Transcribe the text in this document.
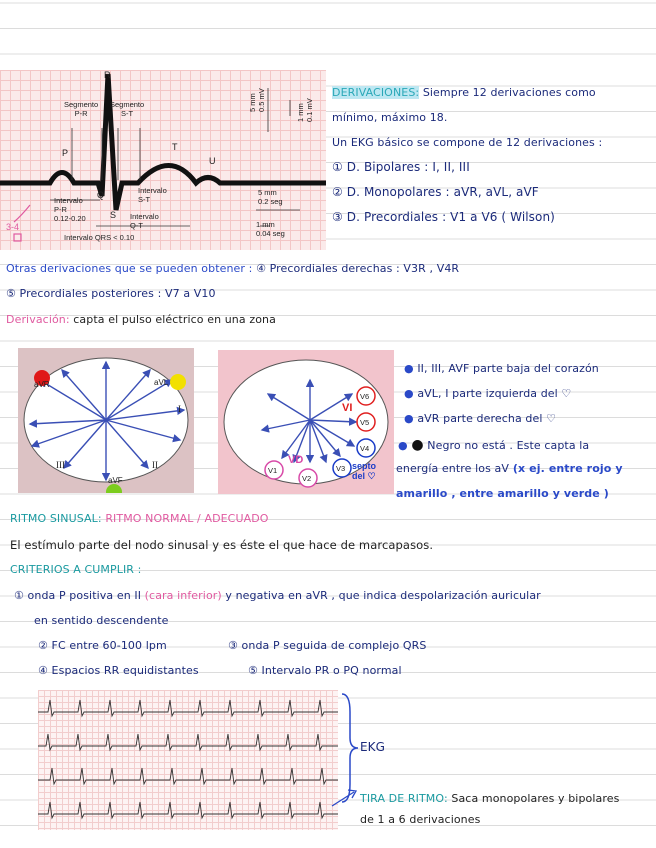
R
P
Q
S
T
U
Segmento
P-R
Segmento
S-T
Intervalo
P-R
0.12-0.20
Intervalo
S-T
Intervalo
Q-T
Intervalo QRS < 0.10
5 mm
0.5 mV
1 mm
0.1 mV
5 mm
0.2 seg
1 mm
0.04 seg
3-4
DERIVACIONES: Siempre 12 derivaciones como
mínimo, máximo 18.
Un EKG básico se compone de 12 derivaciones :
① D. Bipolares : I, II, III
② D. Monopolares : aVR, aVL, aVF
③ D. Precordiales : V1 a V6 ( Wilson)
Otras derivaciones que se pueden obtener : ④ Precordiales derechas : V3R , V4R
⑤ Precordiales posteriores : V7 a V10
Derivación: capta el pulso eléctrico en una zona
aVR	aVL
aVF
I
II
III
V6
V5
V4
V3
V2
V1
VI
VD	septo
del ♡
● II, III, AVF parte baja del corazón
● aVL, I parte izquierda del ♡
● aVR parte derecha del ♡
● ● Negro no está . Este capta la
energía entre los aV (x ej. entre rojo y
amarillo , entre amarillo y verde )
RITMO SINUSAL: RITMO NORMAL / ADECUADO
El estímulo parte del nodo sinusal y es éste el que hace de marcapasos.
CRITERIOS A CUMPLIR :
① onda P positiva en II (cara inferior) y negativa en aVR , que indica despolarización auricular
en sentido descendente
② FC entre 60-100 lpm	③ onda P seguida de complejo QRS
④ Espacios RR equidistantes	⑤ Intervalo PR o PQ normal
EKG
TIRA DE RITMO: Saca monopolares y bipolares
de 1 a 6 derivaciones
